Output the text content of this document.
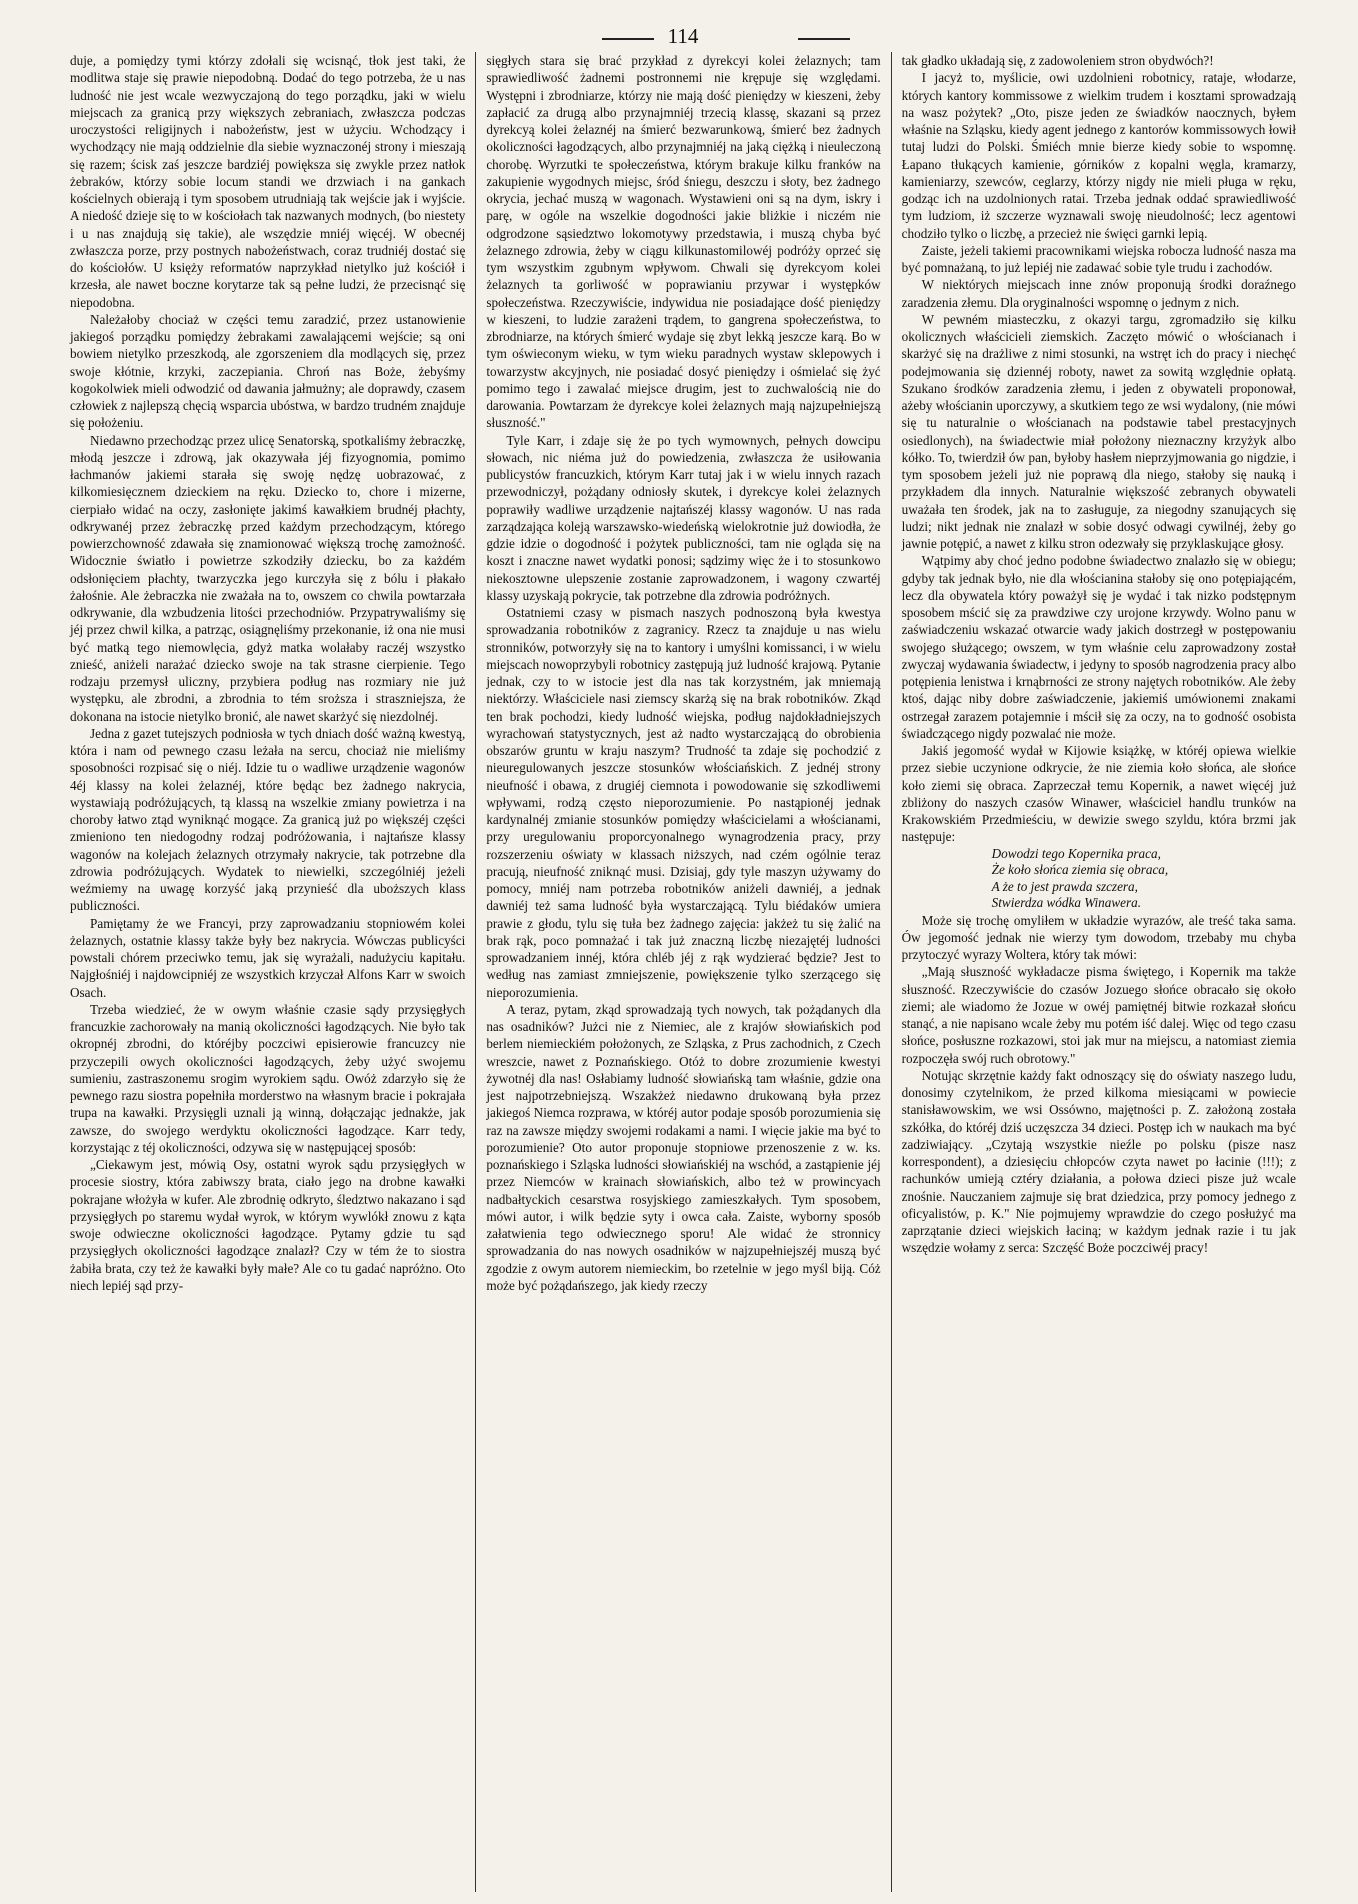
114

duje, a pomiędzy tymi którzy zdołali się wcisnąć, tłok jest taki, że modlitwa staje się prawie niepodobną. Dodać do tego potrzeba, że u nas ludność nie jest wcale wezwyczajoną do tego porządku, jaki w wielu miejscach za granicą przy większych zebraniach, zwłaszcza podczas uroczystości religijnych i nabożeństw, jest w użyciu. Wchodzący i wychodzący nie mają oddzielnie dla siebie wyznaczonéj strony i mieszają się razem; ścisk zaś jeszcze bardziéj powiększa się zwykle przez natłok żebraków, którzy sobie locum standi we drzwiach i na gankach kościelnych obierają i tym sposobem utrudniają tak wejście jak i wyjście. A niedość dzieje się to w kościołach tak nazwanych modnych, (bo niestety i u nas znajdują się takie), ale wszędzie mniéj więcéj. W obecnéj zwłaszcza porze, przy postnych nabożeństwach, coraz trudniéj dostać się do kościołów. U księży reformatów naprzykład nietylko już kościół i krzesła, ale nawet boczne korytarze tak są pełne ludzi, że przecisnąć się niepodobna.

Należałoby chociaż w części temu zaradzić, przez ustanowienie jakiegoś porządku pomiędzy żebrakami zawalającemi wejście; są oni bowiem nietylko przeszkodą, ale zgorszeniem dla modlących się, przez swoje kłótnie, krzyki, zaczepiania. Chroń nas Boże, żebyśmy kogokolwiek mieli odwodzić od dawania jałmużny; ale doprawdy, czasem człowiek z najlepszą chęcią wsparcia ubóstwa, w bardzo trudném znajduje się położeniu.

Niedawno przechodząc przez ulicę Senatorską, spotkaliśmy żebraczkę, młodą jeszcze i zdrową, jak okazywała jéj fizyognomia, pomimo łachmanów jakiemi starała się swoję nędzę uobrazować, z kilkomiesięcznem dzieckiem na ręku. Dziecko to, chore i mizerne, cierpiało widać na oczy, zasłonięte jakimś kawałkiem brudnéj płachty, odkrywanéj przez żebraczkę przed każdym przechodzącym, którego powierzchowność zdawała się znamionować większą trochę zamożność. Widocznie światło i powietrze szkodziły dziecku, bo za każdém odsłonięciem płachty, twarzyczka jego kurczyła się z bólu i płakało żałośnie. Ale żebraczka nie zważała na to, owszem co chwila powtarzała odkrywanie, dla wzbudzenia litości przechodniów. Przypatrywaliśmy się jéj przez chwil kilka, a patrząc, osiągnęliśmy przekonanie, iż ona nie musi być matką tego niemowlęcia, gdyż matka wolałaby raczéj wszystko znieść, aniżeli narażać dziecko swoje na tak strasne cierpienie. Tego rodzaju przemysł uliczny, przybiera podług nas rozmiary nie już występku, ale zbrodni, a zbrodnia to tém sroższa i straszniejsza, że dokonana na istocie nietylko bronić, ale nawet skarżyć się niezdolnéj.

Jedna z gazet tutejszych podniosła w tych dniach dość ważną kwestyą, która i nam od pewnego czasu leżała na sercu, chociaż nie mieliśmy sposobności rozpisać się o niéj. Idzie tu o wadliwe urządzenie wagonów 4éj klassy na kolei żelaznéj, które będąc bez żadnego nakrycia, wystawiają podróżujących, tą klassą na wszelkie zmiany powietrza i na choroby łatwo ztąd wyniknąć mogące. Za granicą już po większéj części zmieniono ten niedogodny rodzaj podróżowania, i najtańsze klassy wagonów na kolejach żelaznych otrzymały nakrycie, tak potrzebne dla zdrowia podróżujących. Wydatek to niewielki, szczególniéj jeżeli weźmiemy na uwagę korzyść jaką przynieść dla uboższych klass publiczności.

Pamiętamy że we Francyi, przy zaprowadzaniu stopniowém kolei żelaznych, ostatnie klassy także były bez nakrycia. Wówczas publicyści powstali chórem przeciwko temu, jak się wyrażali, nadużyciu kapitału. Najgłośniéj i najdowcipniéj ze wszystkich krzyczał Alfons Karr w swoich Osach.

Trzeba wiedzieć, że w owym właśnie czasie sądy przysięgłych francuzkie zachorowały na manią okoliczności łagodzących. Nie było tak okropnéj zbrodni, do któréjby poczciwi episierowie francuzcy nie przyczepili owych okoliczności łagodzących, żeby użyć swojemu sumieniu, zastraszonemu srogim wyrokiem sądu. Owóż zdarzyło się że pewnego razu siostra popełniła morderstwo na własnym bracie i pokrajała trupa na kawałki. Przysięgli uznali ją winną, dołączając jednakże, jak zawsze, do swojego werdyktu okoliczności łagodzące. Karr tedy, korzystając z téj okoliczności, odzywa się w następującej sposób:

„Ciekawym jest, mówią Osy, ostatni wyrok sądu przysięgłych w procesie siostry, która zabiwszy brata, ciało jego na drobne kawałki pokrajane włożyła w kufer. Ale zbrodnię odkryto, śledztwo nakazano i sąd przysięgłych po staremu wydał wyrok, w którym wywlókł znowu z kąta swoje odwieczne okoliczności łagodzące. Pytamy gdzie tu sąd przysięgłych okoliczności łagodzące znalazł? Czy w tém że to siostra żabiła brata, czy też że kawałki były małe? Ale co tu gadać napróżno. Oto niech lepiéj sąd przy-

sięgłych stara się brać przykład z dyrekcyi kolei żelaznych; tam sprawiedliwość żadnemi postronnemi nie krępuje się względami. Występni i zbrodniarze, którzy nie mają dość pieniędzy w kieszeni, żeby zapłacić za drugą albo przynajmniéj trzecią klassę, skazani są przez dyrekcyą kolei żelaznéj na śmierć bezwarunkową, śmierć bez żadnych okoliczności łagodzących, albo przynajmniéj na jaką ciężką i nieuleczoną chorobę. Wyrzutki te społeczeństwa, którym brakuje kilku franków na zakupienie wygodnych miejsc, śród śniegu, deszczu i słoty, bez żadnego okrycia, jechać muszą w wagonach. Wystawieni oni są na dym, iskry i parę, w ogóle na wszelkie dogodności jakie bliżkie i niczém nie odgrodzone sąsiedztwo lokomotywy przedstawia, i muszą chyba być żelaznego zdrowia, żeby w ciągu kilkunastomilowéj podróży oprzeć się tym wszystkim zgubnym wpływom. Chwali się dyrekcyom kolei żelaznych ta gorliwość w poprawianiu przywar i występków społeczeństwa. Rzeczywiście, indywidua nie posiadające dość pieniędzy w kieszeni, to ludzie zarażeni trądem, to gangrena społeczeństwa, to zbrodniarze, na których śmierć wydaje się zbyt lekką jeszcze karą. Bo w tym oświeconym wieku, w tym wieku paradnych wystaw sklepowych i towarzystw akcyjnych, nie posiadać dosyć pieniędzy i ośmielać się żyć pomimo tego i zawalać miejsce drugim, jest to zuchwalością nie do darowania. Powtarzam że dyrekcye kolei żelaznych mają najzupełniejszą słuszność."

Tyle Karr, i zdaje się że po tych wymownych, pełnych dowcipu słowach, nic niéma już do powiedzenia, zwłaszcza że usiłowania publicystów francuzkich, którym Karr tutaj jak i w wielu innych razach przewodniczył, pożądany odniosły skutek, i dyrekcye kolei żelaznych poprawiły wadliwe urządzenie najtańszéj klassy wagonów. U nas rada zarządzająca koleją warszawsko-wiedeńską wielokrotnie już dowiodła, że gdzie idzie o dogodność i pożytek publiczności, tam nie ogląda się na koszt i znaczne nawet wydatki ponosi; sądzimy więc że i to stosunkowo niekosztowne ulepszenie zostanie zaprowadzonem, i wagony czwartéj klassy uzyskają pokrycie, tak potrzebne dla zdrowia podróżnych.

Ostatniemi czasy w pismach naszych podnoszoną była kwestya sprowadzania robotników z zagranicy. Rzecz ta znajduje u nas wielu stronników, potworzyły się na to kantory i umyślni komissanci, i w wielu miejscach nowoprzybyli robotnicy zastępują już ludność krajową. Pytanie jednak, czy to w istocie jest dla nas tak korzystném, jak mniemają niektórzy. Właściciele nasi ziemscy skarżą się na brak robotników. Zkąd ten brak pochodzi, kiedy ludność wiejska, podług najdokładniejszych wyrachowań statystycznych, jest aż nadto wystarczającą do obrobienia obszarów gruntu w kraju naszym? Trudność ta zdaje się pochodzić z nieuregulowanych jeszcze stosunków włościańskich. Z jednéj strony nieufność i obawa, z drugiéj ciemnota i powodowanie się szkodliwemi wpływami, rodzą często nieporozumienie. Po nastąpionéj jednak kardynalnéj zmianie stosunków pomiędzy właścicielami a włościanami, przy uregulowaniu proporcyonalnego wynagrodzenia pracy, przy rozszerzeniu oświaty w klassach niższych, nad czém ogólnie teraz pracują, nieufność zniknąć musi. Dzisiaj, gdy tyle maszyn używamy do pomocy, mniéj nam potrzeba robotników aniżeli dawniéj, a jednak dawniéj też sama ludność była wystarczającą. Tylu biédaków umiera prawie z głodu, tylu się tuła bez żadnego zajęcia: jakżeż tu się żalić na brak rąk, poco pomnażać i tak już znaczną liczbę niezajętéj ludności sprowadzaniem innéj, która chléb jéj z rąk wydzierać będzie? Jest to według nas zamiast zmniejszenie, powiększenie tylko szerzącego się nieporozumienia.

A teraz, pytam, zkąd sprowadzają tych nowych, tak pożądanych dla nas osadników? Jużci nie z Niemiec, ale z krajów słowiańskich pod berlem niemieckiém położonych, ze Szląska, z Prus zachodnich, z Czech wreszcie, nawet z Poznańskiego. Otóż to dobre zrozumienie kwestyi żywotnéj dla nas! Osłabiamy ludność słowiańską tam właśnie, gdzie ona jest najpotrzebniejszą. Wszakżeż niedawno drukowaną była przez jakiegoś Niemca rozprawa, w któréj autor podaje sposób porozumienia się raz na zawsze między swojemi rodakami a nami. I więcie jakie ma być to porozumienie? Oto autor proponuje stopniowe przenoszenie z w. ks. poznańskiego i Szląska ludności słowiańskiéj na wschód, a zastąpienie jéj przez Niemców w krainach słowiańskich, albo też w prowincyach nadbałtyckich cesarstwa rosyjskiego zamieszkałych. Tym sposobem, mówi autor, i wilk będzie syty i owca cała. Zaiste, wyborny sposób załatwienia tego odwiecznego sporu! Ale widać że stronnicy sprowadzania do nas nowych osadników w najzupełniejszéj muszą być zgodzie z owym autorem niemieckim, bo rzetelnie w jego myśl biją. Cóż może być pożądańszego, jak kiedy rzeczy

tak gładko układają się, z zadowoleniem stron obydwóch?!

I jacyż to, myślicie, owi uzdolnieni robotnicy, rataje, włodarze, których kantory kommissowe z wielkim trudem i kosztami sprowadzają na wasz pożytek? „Oto, pisze jeden ze świadków naocznych, byłem właśnie na Szląsku, kiedy agent jednego z kantorów kommissowych łowił tutaj ludzi do Polski. Śmiéch mnie bierze kiedy sobie to wspomnę. Łapano tłukących kamienie, górników z kopalni węgla, kramarzy, kamieniarzy, szewców, ceglarzy, którzy nigdy nie mieli pługa w ręku, godząc ich na uzdolnionych ratai. Trzeba jednak oddać sprawiedliwość tym ludziom, iż szczerze wyznawali swoję nieudolność; lecz agentowi chodziło tylko o liczbę, a przecież nie święci garnki lepią.

Zaiste, jeżeli takiemi pracownikami wiejska robocza ludność nasza ma być pomnażaną, to już lepiéj nie zadawać sobie tyle trudu i zachodów.

W niektórych miejscach inne znów proponują środki doraźnego zaradzenia złemu. Dla oryginalności wspomnę o jednym z nich.

W pewném miasteczku, z okazyi targu, zgromadziło się kilku okolicznych właścicieli ziemskich. Zaczęto mówić o włościanach i skarżyć się na drażliwe z nimi stosunki, na wstręt ich do pracy i niechęć podejmowania się dziennéj roboty, nawet za sowitą względnie opłatą. Szukano środków zaradzenia złemu, i jeden z obywateli proponował, ażeby włościanin uporczywy, a skutkiem tego ze wsi wydalony, (nie mówi się tu naturalnie o włościanach na podstawie tabel prestacyjnych osiedlonych), na świadectwie miał położony nieznaczny krzyżyk albo kółko. To, twierdził ów pan, byłoby hasłem nieprzyjmowania go nigdzie, i tym sposobem jeżeli już nie poprawą dla niego, stałoby się nauką i przykładem dla innych. Naturalnie większość zebranych obywateli uważała ten środek, jak na to zasługuje, za niegodny szanujących się ludzi; nikt jednak nie znalazł w sobie dosyć odwagi cywilnéj, żeby go jawnie potępić, a nawet z kilku stron odezwały się przyklaskujące głosy.

Wątpimy aby choć jedno podobne świadectwo znalazło się w obiegu; gdyby tak jednak było, nie dla włościanina stałoby się ono potępiającém, lecz dla obywatela który poważył się je wydać i tak nizko podstępnym sposobem mścić się za prawdziwe czy urojone krzywdy. Wolno panu w zaświadczeniu wskazać otwarcie wady jakich dostrzegł w postępowaniu swojego służącego; owszem, w tym właśnie celu zaprowadzony został zwyczaj wydawania świadectw, i jedyny to sposób nagrodzenia pracy albo potępienia lenistwa i krnąbrności ze strony najętych robotników. Ale żeby ktoś, dając niby dobre zaświadczenie, jakiemiś umówionemi znakami ostrzegał zarazem potajemnie i mścił się za oczy, na to godność osobista świadczącego nigdy pozwalać nie może.

Jakiś jegomość wydał w Kijowie książkę, w któréj opiewa wielkie przez siebie uczynione odkrycie, że nie ziemia koło słońca, ale słońce koło ziemi się obraca. Zaprzeczał temu Kopernik, a nawet więcéj już zbliżony do naszych czasów Winawer, właściciel handlu trunków na Krakowskiém Przedmieściu, w dewizie swego szyldu, która brzmi jak następuje:

Dowodzi tego Kopernika praca,
Że koło słońca ziemia się obraca,
A że to jest prawda szczera,
Stwierdza wódka Winawera.

Może się trochę omyliłem w układzie wyrazów, ale treść taka sama. Ów jegomość jednak nie wierzy tym dowodom, trzebaby mu chyba przytoczyć wyrazy Woltera, który tak mówi:

„Mają słuszność wykładacze pisma świętego, i Kopernik ma także słuszność. Rzeczywiście do czasów Jozuego słońce obracało się około ziemi; ale wiadomo że Jozue w owéj pamiętnéj bitwie rozkazał słońcu stanąć, a nie napisano wcale żeby mu potém iść dalej. Więc od tego czasu słońce, posłuszne rozkazowi, stoi jak mur na miejscu, a natomiast ziemia rozpoczęła swój ruch obrotowy."

Notując skrzętnie każdy fakt odnoszący się do oświaty naszego ludu, donosimy czytelnikom, że przed kilkoma miesiącami w powiecie stanisławowskim, we wsi Ossówno, majętności p. Z. założoną została szkółka, do któréj dziś uczęszcza 34 dzieci. Postęp ich w naukach ma być zadziwiający. „Czytają wszystkie nieźle po polsku (pisze nasz korrespondent), a dziesięciu chłopców czyta nawet po łacinie (!!!); z rachunków umieją cztéry działania, a połowa dzieci pisze już wcale znośnie. Nauczaniem zajmuje się brat dziedzica, przy pomocy jednego z oficyalistów, p. K." Nie pojmujemy wprawdzie do czego posłużyć ma zaprzątanie dzieci wiejskich łaciną; w każdym jednak razie i tu jak wszędzie wołamy z serca: Szczęść Boże poczciwéj pracy!
